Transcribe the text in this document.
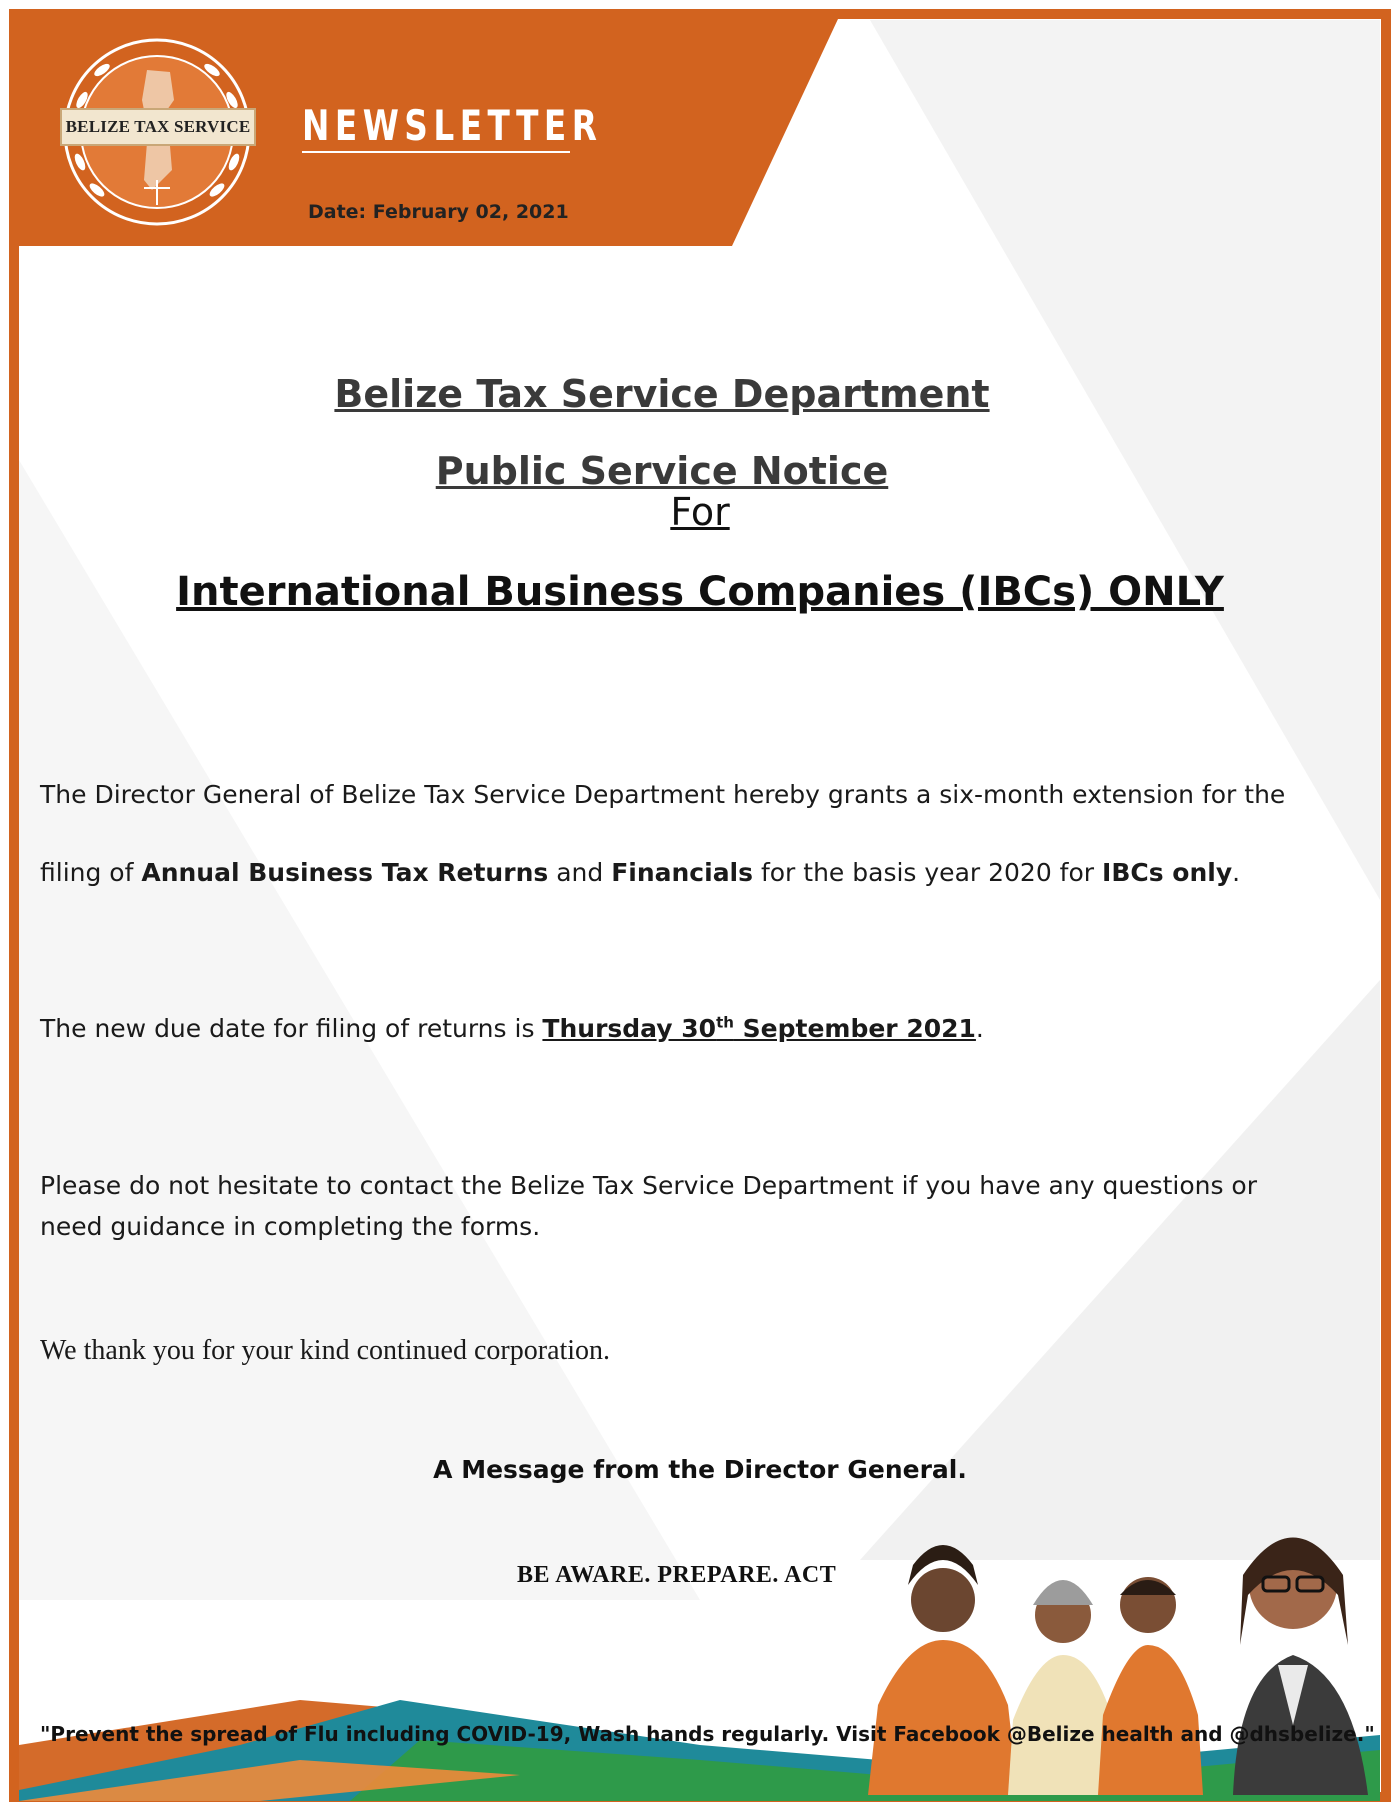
BELIZE TAX SERVICE NEWSLETTER
Date: February 02, 2021
Belize Tax Service Department
Public Service Notice
For
International Business Companies (IBCs) ONLY
The Director General of Belize Tax Service Department hereby grants a six-month extension for the
filing of Annual Business Tax Returns and Financials for the basis year 2020 for IBCs only.
The new due date for filing of returns is Thursday 30th September 2021.
Please do not hesitate to contact the Belize Tax Service Department if you have any questions or
need guidance in completing the forms.
We thank you for your kind continued corporation.
A Message from the Director General.
BE AWARE. PREPARE. ACT
"Prevent the spread of Flu including COVID-19, Wash hands regularly. Visit Facebook @Belize health and @dhsbelize."
